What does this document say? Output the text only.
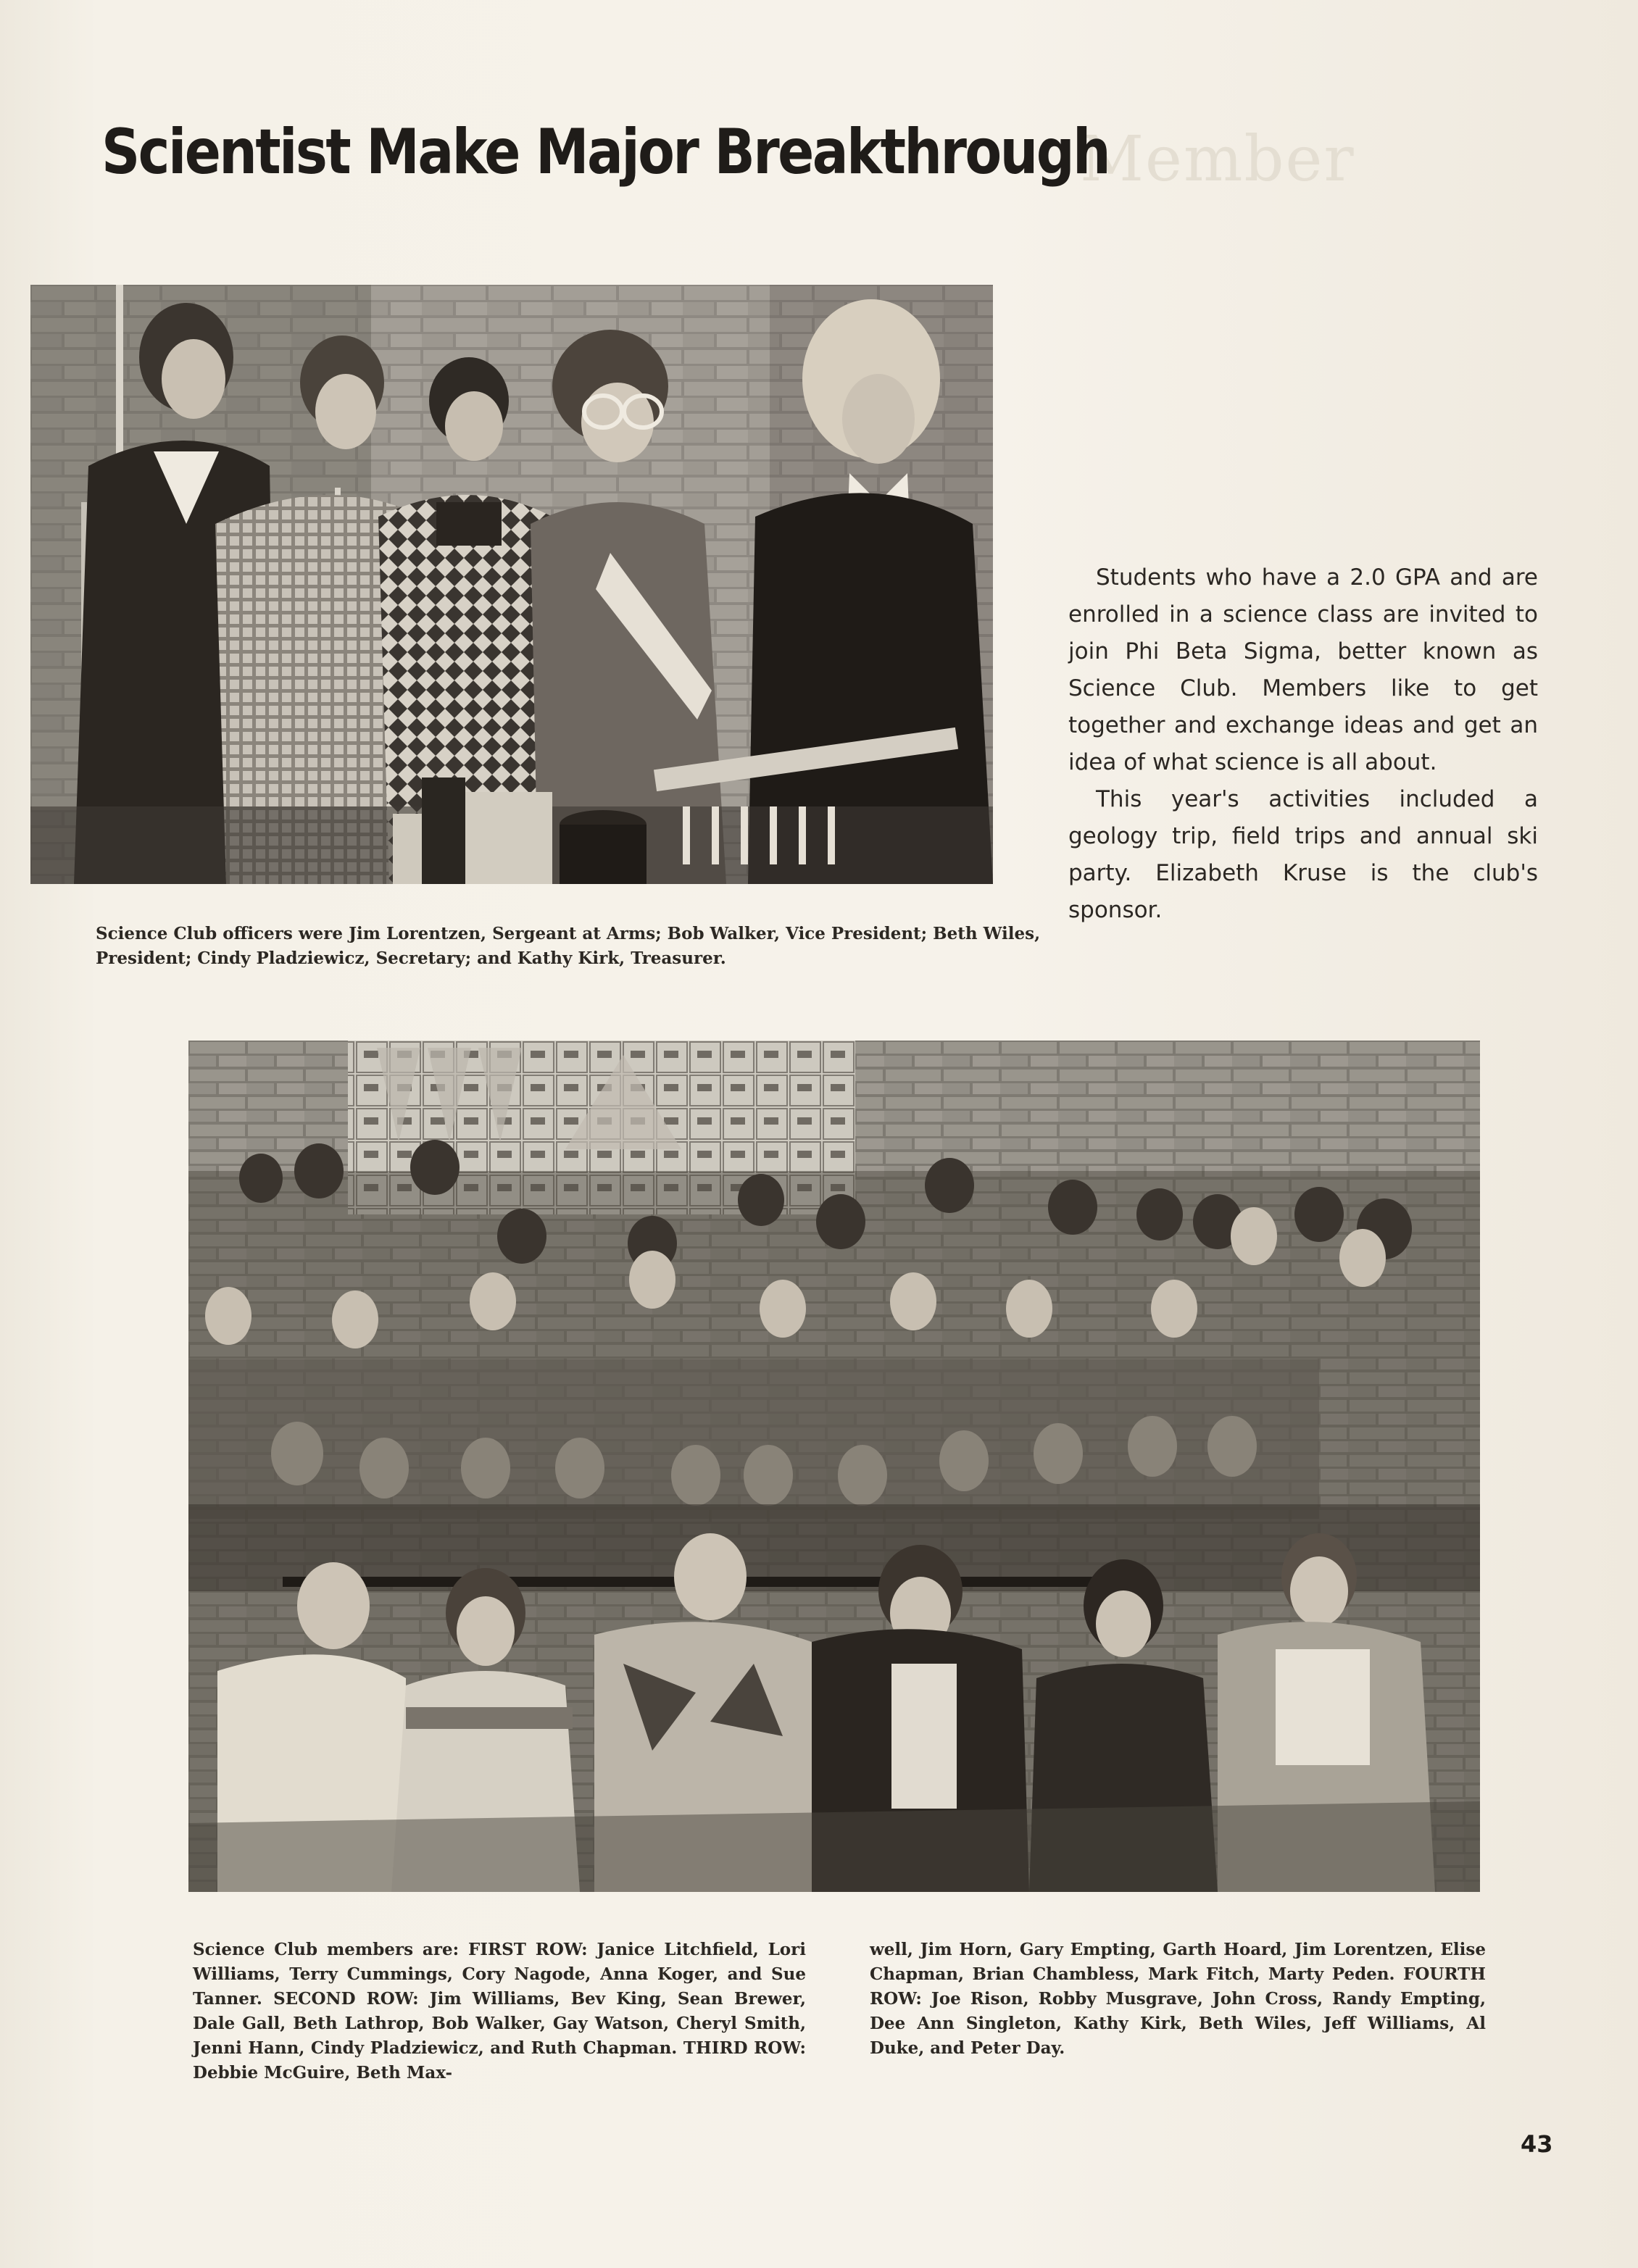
Member
Scientist Make Major Breakthrough
Science Club officers were Jim Lorentzen, Sergeant at Arms; Bob Walker, Vice President; Beth Wiles, President; Cindy Pladziewicz, Secretary; and Kathy Kirk, Treasurer.

Students who have a 2.0 GPA and are enrolled in a science class are invited to join Phi Beta Sigma, better known as Science Club. Members like to get together and exchange ideas and get an idea of what science is all about.

This year's activities included a geology trip, field trips and annual ski party. Elizabeth Kruse is the club's sponsor.

Science Club members are: FIRST ROW: Janice Litchfield, Lori Williams, Terry Cummings, Cory Nagode, Anna Koger, and Sue Tanner. SECOND ROW: Jim Williams, Bev King, Sean Brewer, Dale Gall, Beth Lathrop, Bob Walker, Gay Watson, Cheryl Smith, Jenni Hann, Cindy Pladziewicz, and Ruth Chapman. THIRD ROW: Debbie McGuire, Beth Max-
well, Jim Horn, Gary Empting, Garth Hoard, Jim Lorentzen, Elise Chapman, Brian Chambless, Mark Fitch, Marty Peden. FOURTH ROW: Joe Rison, Robby Musgrave, John Cross, Randy Empting, Dee Ann Singleton, Kathy Kirk, Beth Wiles, Jeff Williams, Al Duke, and Peter Day.
43
